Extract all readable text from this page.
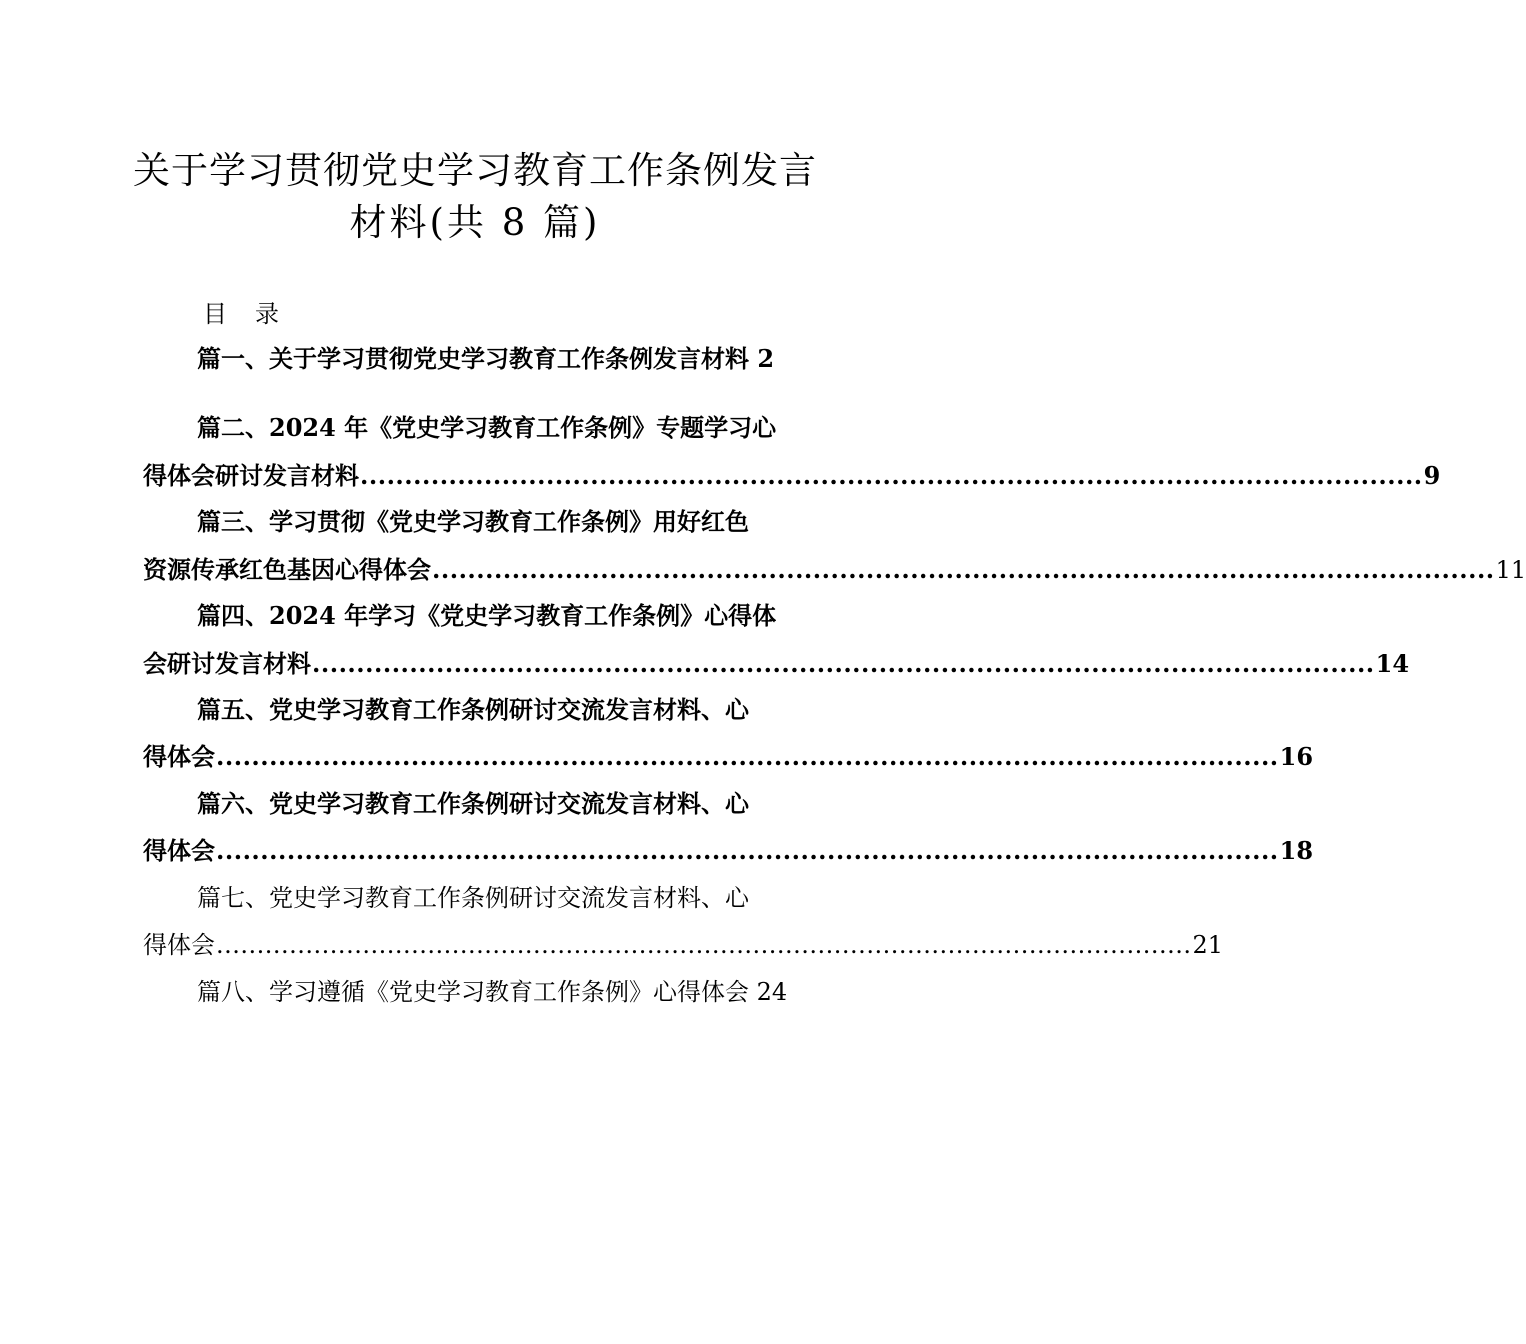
关于学习贯彻党史学习教育工作条例发言
材料(共 8 篇)
目录
篇一、关于学习贯彻党史学习教育工作条例发言材料 2
篇二、2024 年《党史学习教育工作条例》专题学习心
得体会研讨发言材料 ........................................................................................................................ 9
篇三、学习贯彻《党史学习教育工作条例》用好红色
资源传承红色基因心得体会 ........................................................................................................................ 11
篇四、2024 年学习《党史学习教育工作条例》心得体
会研讨发言材料 ........................................................................................................................ 14
篇五、党史学习教育工作条例研讨交流发言材料、心
得体会 ........................................................................................................................ 16
篇六、党史学习教育工作条例研讨交流发言材料、心
得体会 ........................................................................................................................ 18
篇七、党史学习教育工作条例研讨交流发言材料、心
得体会 ........................................................................................................................ 21
篇八、学习遵循《党史学习教育工作条例》心得体会 24
